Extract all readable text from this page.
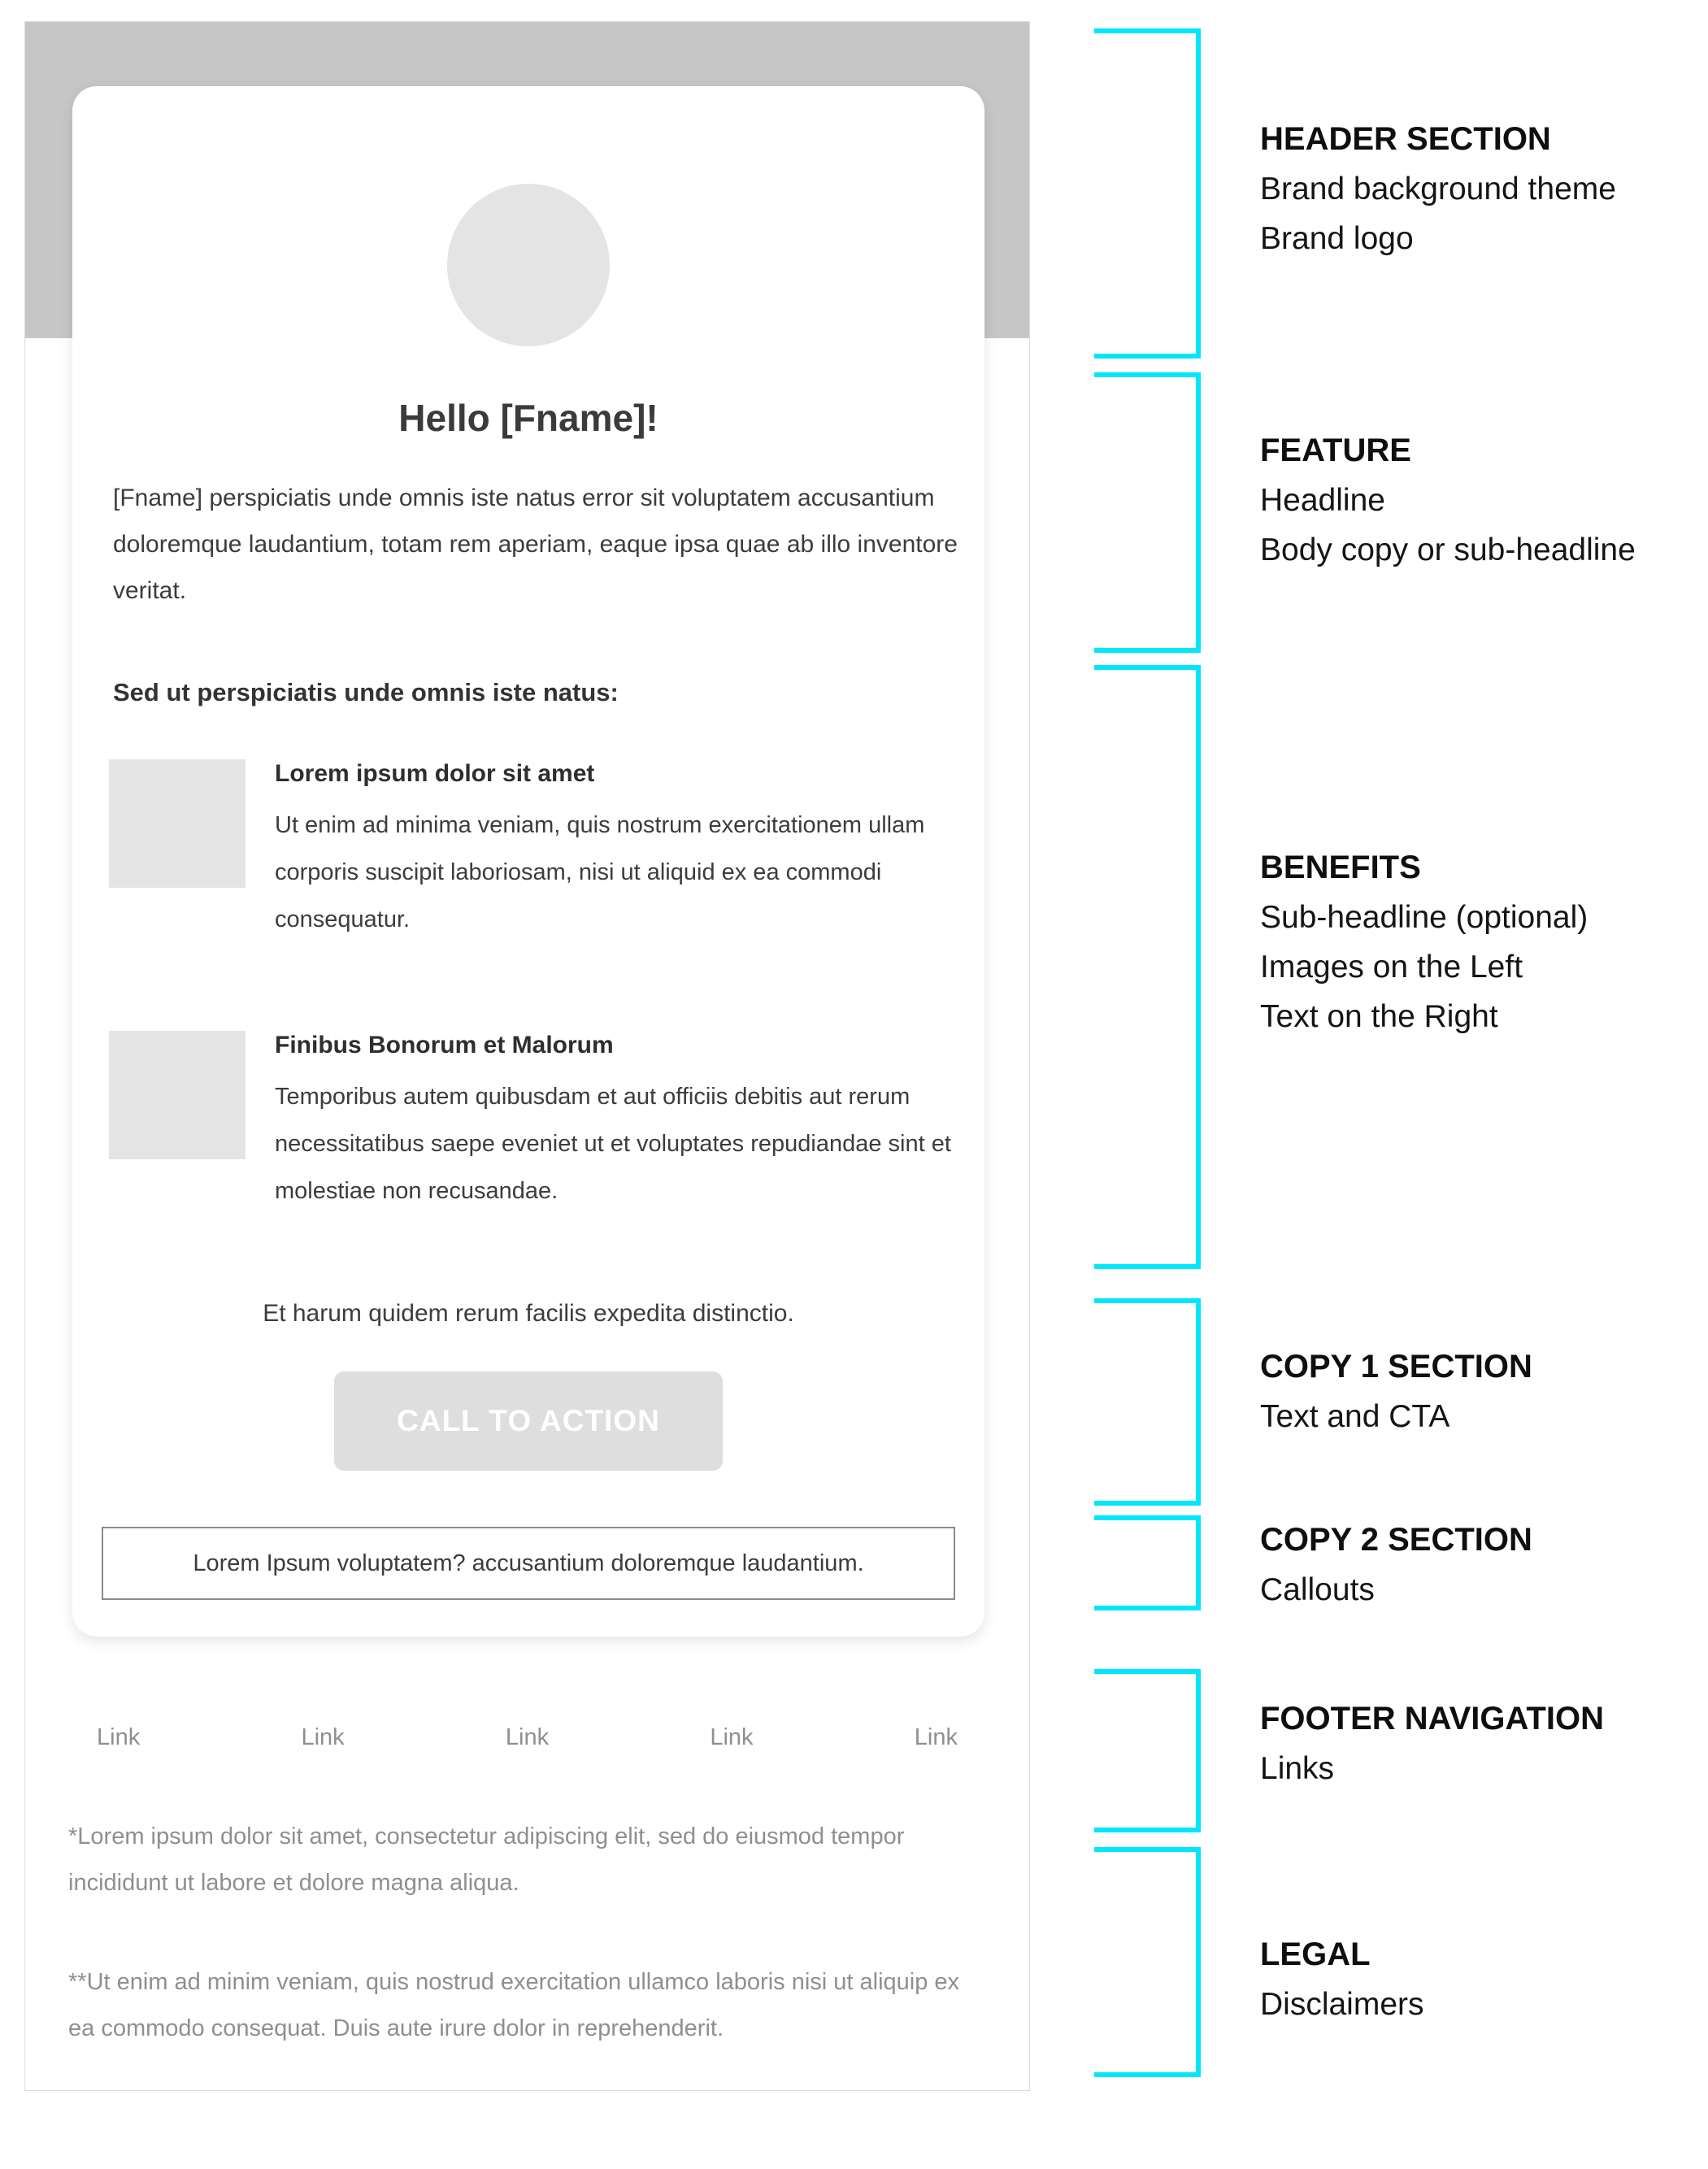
Hello [Fname]!

[Fname] perspiciatis unde omnis iste natus error sit voluptatem accusantium doloremque laudantium, totam rem aperiam, eaque ipsa quae ab illo inventore veritat.

Sed ut perspiciatis unde omnis iste natus:
Lorem ipsum dolor sit amet

Ut enim ad minima veniam, quis nostrum exercitationem ullam corporis suscipit laboriosam, nisi ut aliquid ex ea commodi consequatur.

Finibus Bonorum et Malorum

Temporibus autem quibusdam et aut officiis debitis aut rerum necessitatibus saepe eveniet ut et voluptates repudiandae sint et molestiae non recusandae.

Et harum quidem rerum facilis expedita distinctio.

CALL TO ACTION
Lorem Ipsum voluptatem? accusantium doloremque laudantium.
Link	Link	Link	Link	Link

*Lorem ipsum dolor sit amet, consectetur adipiscing elit, sed do eiusmod tempor incididunt ut labore et dolore magna aliqua.

**Ut enim ad minim veniam, quis nostrud exercitation ullamco laboris nisi ut aliquip ex ea commodo consequat. Duis aute irure dolor in reprehenderit.

HEADER SECTION
Brand background theme
Brand logo
FEATURE
Headline
Body copy or sub-headline
BENEFITS
Sub-headline (optional)
Images on the Left
Text on the Right
COPY 1 SECTION
Text and CTA
COPY 2 SECTION
Callouts
FOOTER NAVIGATION
Links
LEGAL
Disclaimers
